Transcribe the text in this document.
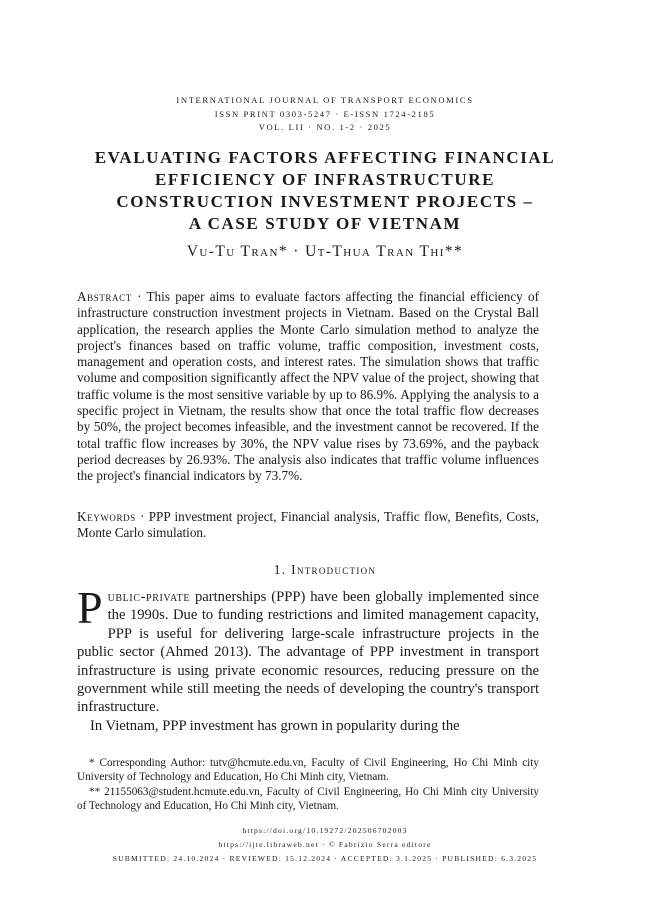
INTERNATIONAL JOURNAL OF TRANSPORT ECONOMICS
ISSN PRINT 0303-5247 · E-ISSN 1724-2185
VOL. LII · NO. 1-2 · 2025
EVALUATING FACTORS AFFECTING FINANCIAL
EFFICIENCY OF INFRASTRUCTURE
CONSTRUCTION INVESTMENT PROJECTS –
A CASE STUDY OF VIETNAM
Vu-Tu Tran* · Ut-Thua Tran Thi**

Abstract · This paper aims to evaluate factors affecting the financial efficiency of infrastructure construction investment projects in Vietnam. Based on the Crystal Ball application, the research applies the Monte Carlo simulation method to analyze the project's finances based on traffic volume, traffic composition, investment costs, management and operation costs, and interest rates. The simulation shows that traffic volume and composition significantly affect the NPV value of the project, showing that traffic volume is the most sensitive variable by up to 86.9%. Applying the analysis to a specific project in Vietnam, the results show that once the total traffic flow decreases by 50%, the project becomes infeasible, and the investment cannot be recovered. If the total traffic flow increases by 30%, the NPV value rises by 73.69%, and the payback period decreases by 26.93%. The analysis also indicates that traffic volume influences the project's financial indicators by 73.7%.

Keywords · PPP investment project, Financial analysis, Traffic flow, Benefits, Costs, Monte Carlo simulation.

1. Introduction

Public-private partnerships (PPP) have been globally implemented since the 1990s. Due to funding restrictions and limited management capacity, PPP is useful for delivering large-scale infrastructure projects in the public sector (Ahmed 2013). The advantage of PPP investment in transport infrastructure is using private economic resources, reducing pressure on the government while still meeting the needs of developing the country's transport infrastructure.

In Vietnam, PPP investment has grown in popularity during the

* Corresponding Author: tutv@hcmute.edu.vn, Faculty of Civil Engineering, Ho Chi Minh city University of Technology and Education, Ho Chi Minh city, Vietnam.

** 21155063@student.hcmute.edu.vn, Faculty of Civil Engineering, Ho Chi Minh city University of Technology and Education, Ho Chi Minh city, Vietnam.

https://doi.org/10.19272/202506702003
https://ijte.libraweb.net · © Fabrizio Serra editore
SUBMITTED: 24.10.2024 · REVIEWED: 15.12.2024 · ACCEPTED: 3.1.2025 · PUBLISHED: 6.3.2025
